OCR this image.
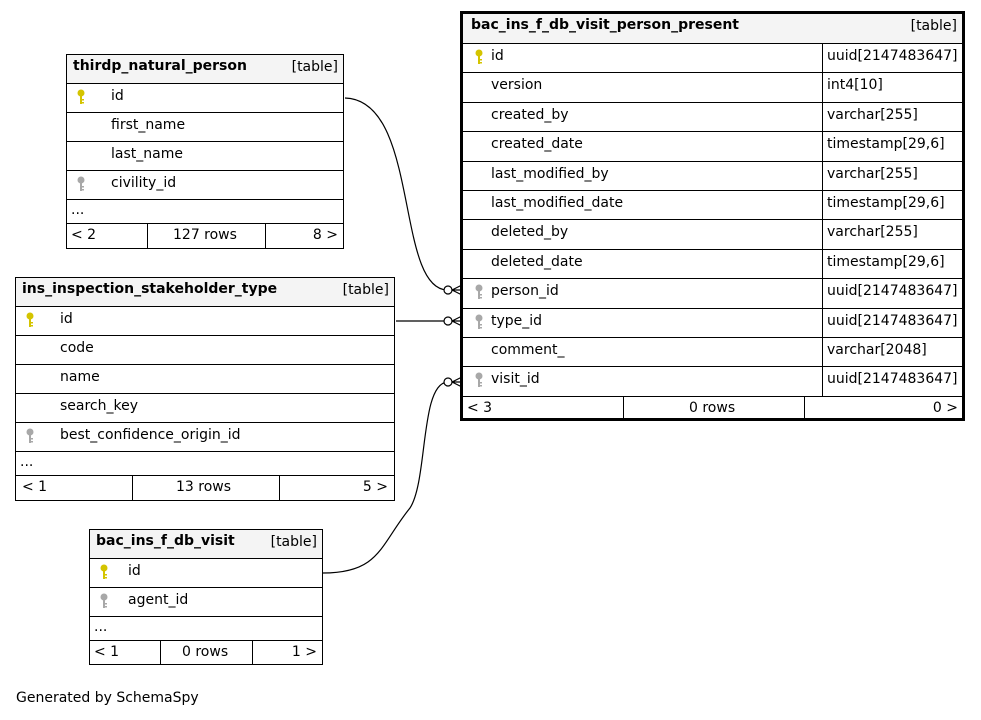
thirdp_natural_person	[table]
id
first_name
last_name
civility_id
...
< 2	127 rows	8 >
ins_inspection_stakeholder_type	[table]
id
code
name
search_key
best_confidence_origin_id
...
< 1	13 rows	5 >
bac_ins_f_db_visit	[table]
id
agent_id
...
< 1	0 rows	1 >
bac_ins_f_db_visit_person_present	[table]
id	uuid[2147483647]
version	int4[10]
created_by	varchar[255]
created_date	timestamp[29,6]
last_modified_by	varchar[255]
last_modified_date	timestamp[29,6]
deleted_by	varchar[255]
deleted_date	timestamp[29,6]
person_id	uuid[2147483647]
type_id	uuid[2147483647]
comment_	varchar[2048]
visit_id	uuid[2147483647]
< 3	0 rows	0 >
Generated by SchemaSpy
